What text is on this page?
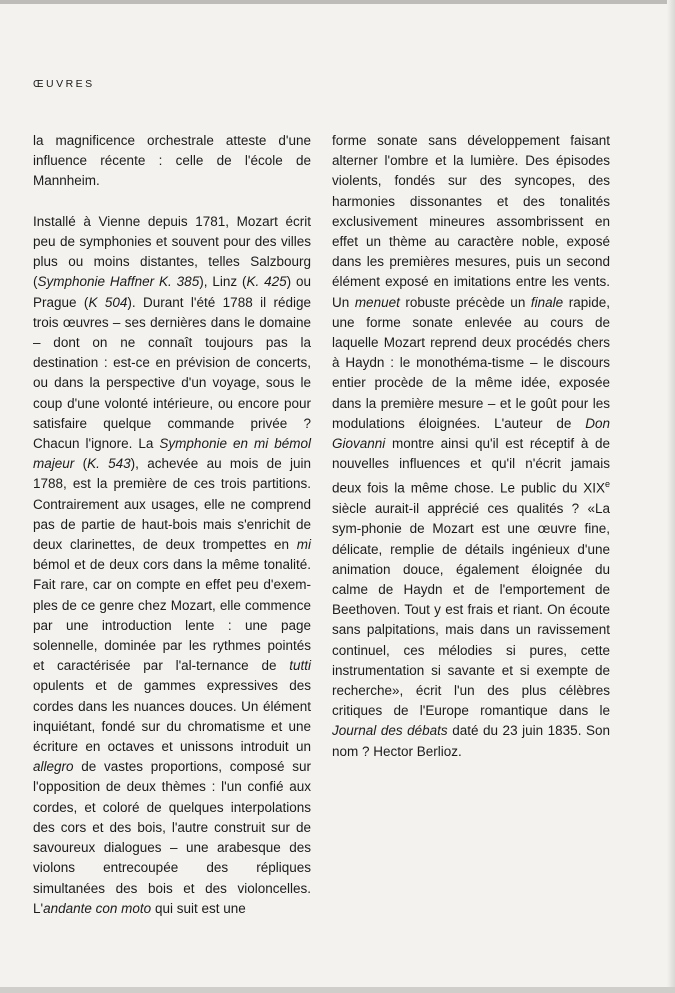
ŒUVRES

la magnificence orchestrale atteste d'une influence récente : celle de l'école de Mannheim.

Installé à Vienne depuis 1781, Mozart écrit peu de symphonies et souvent pour des villes plus ou moins distantes, telles Salzbourg (Symphonie Haffner K. 385), Linz (K. 425) ou Prague (K 504). Durant l'été 1788 il rédige trois œuvres – ses dernières dans le domaine – dont on ne connaît toujours pas la destination : est-ce en prévision de concerts, ou dans la perspective d'un voyage, sous le coup d'une volonté intérieure, ou encore pour satisfaire quelque commande privée ? Chacun l'ignore. La Symphonie en mi bémol majeur (K. 543), achevée au mois de juin 1788, est la première de ces trois partitions. Contrairement aux usages, elle ne comprend pas de partie de haut-bois mais s'enrichit de deux clarinettes, de deux trompettes en mi bémol et de deux cors dans la même tonalité. Fait rare, car on compte en effet peu d'exem-ples de ce genre chez Mozart, elle commence par une introduction lente : une page solennelle, dominée par les rythmes pointés et caractérisée par l'al-ternance de tutti opulents et de gammes expressives des cordes dans les nuances douces. Un élément inquiétant, fondé sur du chromatisme et une écriture en octaves et unissons introduit un allegro de vastes proportions, composé sur l'opposition de deux thèmes : l'un confié aux cordes, et coloré de quelques interpolations des cors et des bois, l'autre construit sur de savoureux dialogues – une arabesque des violons entrecoupée des répliques simultanées des bois et des violoncelles. L'andante con moto qui suit est une

forme sonate sans développement faisant alterner l'ombre et la lumière. Des épisodes violents, fondés sur des syncopes, des harmonies dissonantes et des tonalités exclusivement mineures assombrissent en effet un thème au caractère noble, exposé dans les premières mesures, puis un second élément exposé en imitations entre les vents. Un menuet robuste précède un finale rapide, une forme sonate enlevée au cours de laquelle Mozart reprend deux procédés chers à Haydn : le monothéma-tisme – le discours entier procède de la même idée, exposée dans la première mesure – et le goût pour les modulations éloignées. L'auteur de Don Giovanni montre ainsi qu'il est réceptif à de nouvelles influences et qu'il n'écrit jamais deux fois la même chose. Le public du XIXe siècle aurait-il apprécié ces qualités ? «La sym-phonie de Mozart est une œuvre fine, délicate, remplie de détails ingénieux d'une animation douce, également éloignée du calme de Haydn et de l'emportement de Beethoven. Tout y est frais et riant. On écoute sans palpitations, mais dans un ravissement continuel, ces mélodies si pures, cette instrumentation si savante et si exempte de recherche», écrit l'un des plus célèbres critiques de l'Europe romantique dans le Journal des débats daté du 23 juin 1835. Son nom ? Hector Berlioz.
